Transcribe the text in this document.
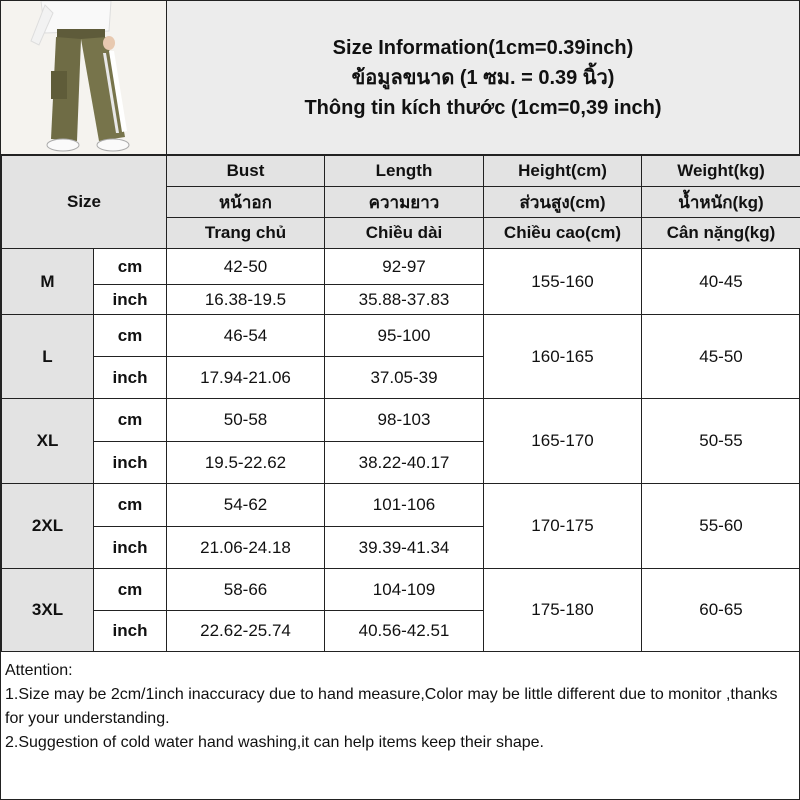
Size Information(1cm=0.39inch)
ข้อมูลขนาด (1 ซม. = 0.39 นิ้ว)
Thông tin kích thước (1cm=0,39 inch)
Size		Bust	Length	Height(cm)	Weight(kg)
		หน้าอก	ความยาว	ส่วนสูง(cm)	น้ำหนัก(kg)
		Trang chủ	Chiều dài	Chiều cao(cm)	Cân nặng(kg)
M	cm	42-50	92-97	155-160	40-45
	inch	16.38-19.5	35.88-37.83		
L	cm	46-54	95-100	160-165	45-50
	inch	17.94-21.06	37.05-39		
XL	cm	50-58	98-103	165-170	50-55
	inch	19.5-22.62	38.22-40.17		
2XL	cm	54-62	101-106	170-175	55-60
	inch	21.06-24.18	39.39-41.34		
3XL	cm	58-66	104-109	175-180	60-65
	inch	22.62-25.74	40.56-42.51		
Attention:
1.Size may be 2cm/1inch inaccuracy due to hand measure,Color may be little different due to monitor ,thanks for your understanding.
2.Suggestion of cold water hand washing,it can help items keep their shape.
